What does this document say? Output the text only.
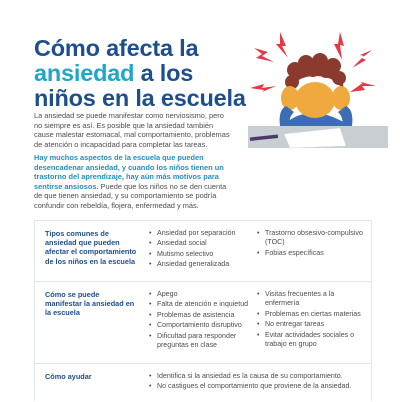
Cómo afecta la
ansiedad a los
niños en la escuela
La ansiedad se puede manifestar como nerviosismo, pero no siempre es así. Es posible que la ansiedad también cause malestar estomacal, mal comportamiento, problemas de atención o incapacidad para completar las tareas.
Hay muchos aspectos de la escuela que pueden desencadenar ansiedad, y cuando los niños tienen un trastorno del aprendizaje, hay aún más motivos para sentirse ansiosos. Puede que los niños no se den cuenta de que tienen ansiedad, y su comportamiento se podría confundir con rebeldía, flojera, enfermedad y más.
Tipos comunes de ansiedad que pueden afectar el comportamiento de los niños en la escuela
• Ansiedad por separación
• Ansiedad social
• Mutismo selectivo
• Ansiedad generalizada
• Trastorno obsesivo-compulsivo (TOC)
• Fobias específicas
Cómo se puede manifestar la ansiedad en la escuela
• Apego
• Falta de atención e inquietud
• Problemas de asistencia
• Comportamiento disruptivo
• Dificultad para responder preguntas en clase
• Visitas frecuentes a la enfermería
• Problemas en ciertas materias
• No entregar tareas
• Evitar actividades sociales o trabajo en grupo
Cómo ayudar
•	Identifica si la ansiedad es la causa de su comportamiento.
• No castigues el comportamiento que proviene de la ansiedad.
